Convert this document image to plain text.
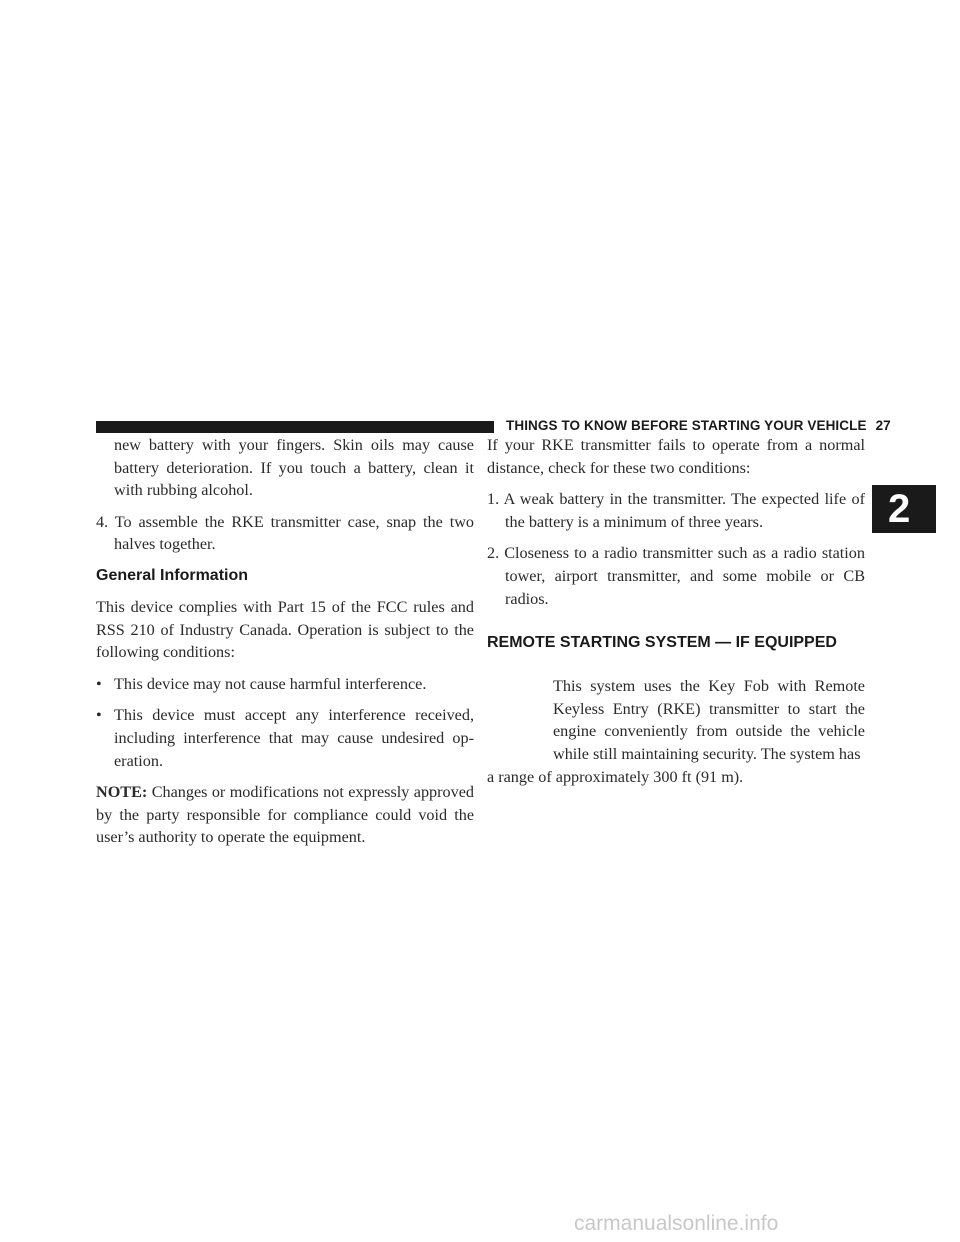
THINGS TO KNOW BEFORE STARTING YOUR VEHICLE 27
2

new battery with your fingers. Skin oils may cause battery deterioration. If you touch a battery, clean it with rubbing alcohol.

4. To assemble the RKE transmitter case, snap the two halves together.

General Information

This device complies with Part 15 of the FCC rules and RSS 210 of Industry Canada. Operation is subject to the following conditions:

• This device may not cause harmful interference.

• This device must accept any interference received, including interference that may cause undesired op-eration.

NOTE: Changes or modifications not expressly approved by the party responsible for compliance could void the user’s authority to operate the equipment.

If your RKE transmitter fails to operate from a normal distance, check for these two conditions:

1. A weak battery in the transmitter. The expected life of the battery is a minimum of three years.

2. Closeness to a radio transmitter such as a radio station tower, airport transmitter, and some mobile or CB radios.

REMOTE STARTING SYSTEM — IF EQUIPPED

This system uses the Key Fob with Remote Keyless Entry (RKE) transmitter to start the engine conveniently from outside the vehicle while still maintaining security. The system has

a range of approximately 300 ft (91 m).

carmanualsonline.info
